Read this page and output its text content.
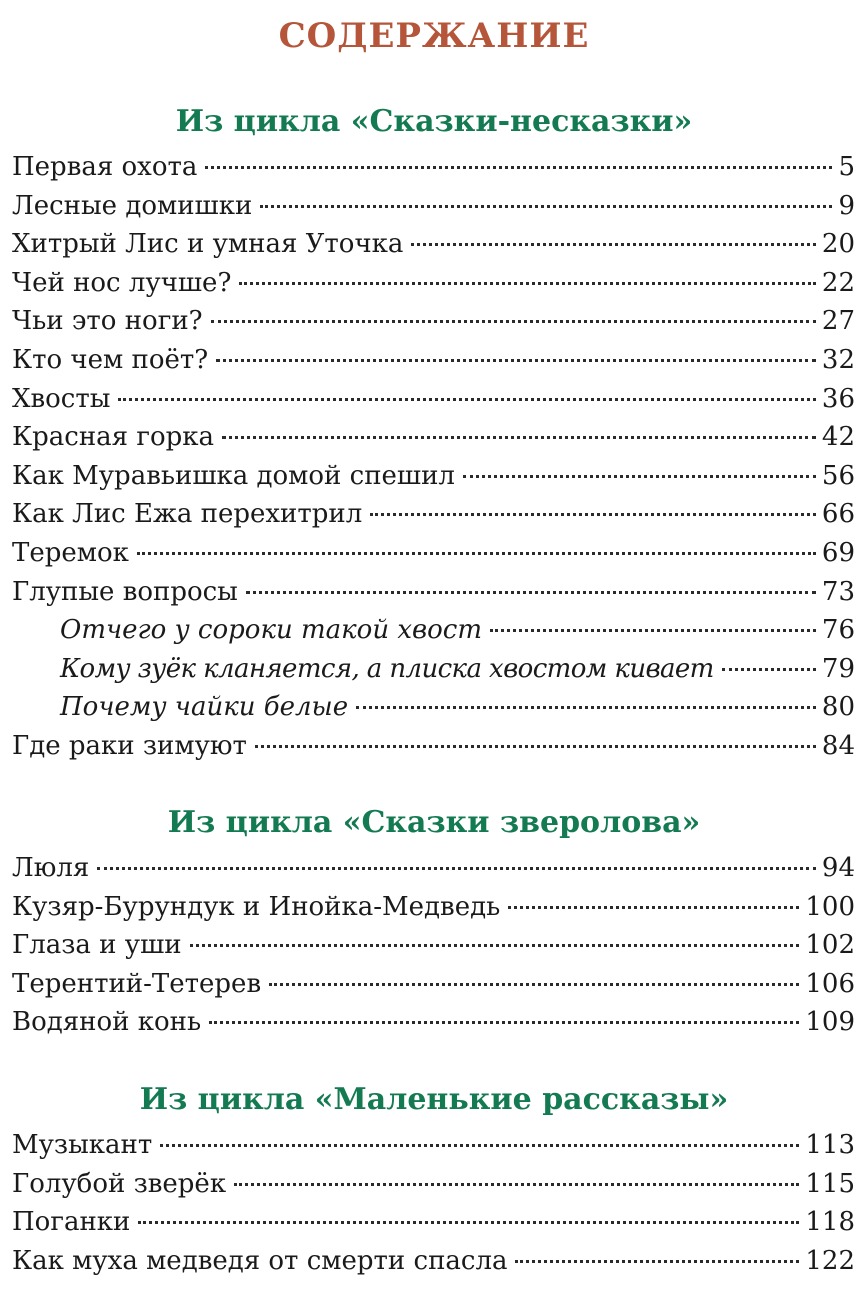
СОДЕРЖАНИЕ
Из цикла «Сказки-несказки»
Первая охота	5
Лесные домишки	9
Хитрый Лис и умная Уточка	20
Чей нос лучше?	22
Чьи это ноги?	27
Кто чем поёт?	32
Хвосты	36
Красная горка	42
Как Муравьишка домой спешил	56
Как Лис Ежа перехитрил	66
Теремок	69
Глупые вопросы	73
Отчего у сороки такой хвост	76
Кому зуёк кланяется, а плиска хвостом кивает	79
Почему чайки белые	80
Где раки зимуют	84
Из цикла «Сказки зверолова»
Люля	94
Кузяр-Бурундук и Инойка-Медведь	100
Глаза и уши	102
Терентий-Тетерев	106
Водяной конь	109
Из цикла «Маленькие рассказы»
Музыкант	113
Голубой зверёк	115
Поганки	118
Как муха медведя от смерти спасла	122
